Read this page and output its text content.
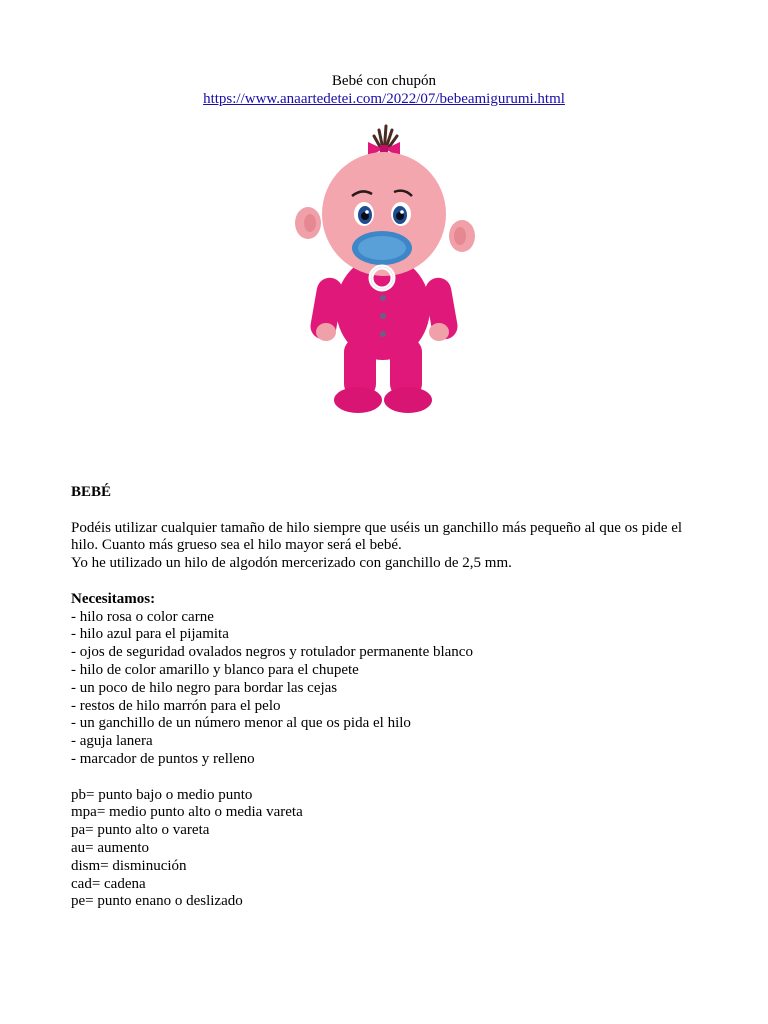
Bebé con chupón
https://www.anaartedetei.com/2022/07/bebeamigurumi.html

BEBÉ

Podéis utilizar cualquier tamaño de hilo siempre que uséis un ganchillo más pequeño al que os pide el hilo. Cuanto más grueso sea el hilo mayor será el bebé.

Yo he utilizado un hilo de algodón mercerizado con ganchillo de 2,5 mm.

Necesitamos:

- hilo rosa o color carne
- hilo azul para el pijamita
- ojos de seguridad ovalados negros y rotulador permanente blanco
- hilo de color amarillo y blanco para el chupete
- un poco de hilo negro para bordar las cejas
- restos de hilo marrón para el pelo
- un ganchillo de un número menor al que os pida el hilo
- aguja lanera
- marcador de puntos y relleno
pb= punto bajo o medio punto
mpa= medio punto alto o media vareta
pa= punto alto o vareta
au= aumento
dism= disminución
cad= cadena
pe= punto enano o deslizado
